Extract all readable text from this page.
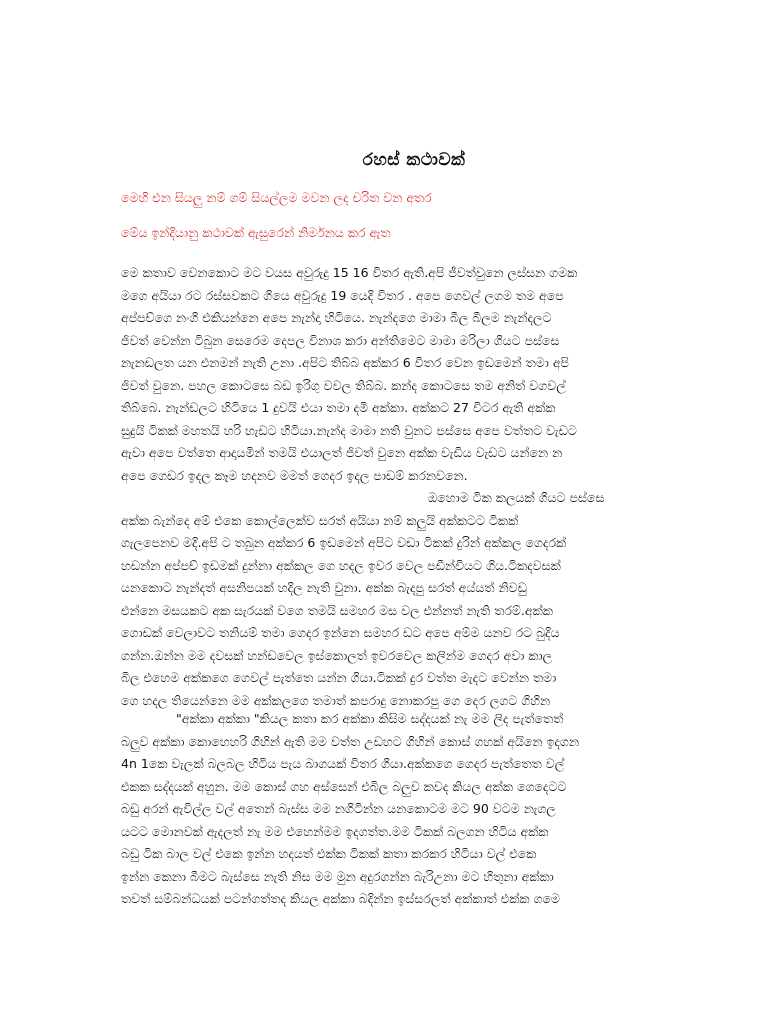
රහස් කථාවක්
මෙහි එන සියලු නම් ගම් සියල්ලම මවන ලද චරිත වන අතර
මේය ඉන්දියානු කථාවක් ඇසුරෙන් නිර්මනය කර ඇත
මෙ කතාව වෙනකොට මට වයස අවුරුදු 15 16 විතර ඇති.අපි ජීවත්වුනෙ ලස්සන ගමක
මගෙ අයියා රට රස්සවකට ගියෙ අවුරුදු 19 යෙදි විතර . අපෙ ගෙවල් ලගම තම අපෙ
අප්පච්ගෙ නංගි එකියන්නෙ අපෙ නැන්දා හිටියෙ. නැන්දගෙ මාමා බීල බීලම නැන්දලට
ජිවත් වෙන්න ටිබුන සෙරෙම දෙපල විනාශ කරා අන්තිමෙට මාමා මරිලා ගියට පස්සෙ
නැනඩලත යන එනමන් නැති උනා .අපිට තිබ්බ අක්කර 6 විතර වෙන ඉඩමෙන් තමා අපි
ජිවත් වුනෙ. පහල කොටසෙ බඩ ඉරිගු වවල තිබ්බ. කන්ද කොටසෙ තම අනිත් වගවල්
තිබ්බෙ. නැන්ඩලට හිටියෙ 1 දුවයි එයා තමා දමි අක්කා. අක්කට 27 විටර ඇති අක්ක
සුදුයි ටිකක් මහතයි හරි හැඩට හිටියා.නැන්ද මාමා නති වුනට පස්සෙ අපෙ වත්තට වැඩට
ඇවා අපෙ වත්තෙ ආදායමින් තමයි එයාලත් ජිවත් වුනෙ අක්ක වැඩිය වැඩට යන්නෙ න
අපෙ ගෙඩර ඉදල කෑම හදනව මමත් ගෙදර ඉදල පාඩම් කරනවනෙ.
ඔහොම ටික කලයක් ගියට පස්සෙ
අක්ක බැන්දෙ අම් එකෙ කොල්ලෙක්ව සරත් අයියා නම් කලුයි අක්කටට ටිකක්
ගැලපෙනව මදි.අපි ට තබුන අක්කර 6 ඉඩමෙන් අපිට වඩා ටිකක් දුරින් අක්කල ගෙදරක්
හඩන්න අප්පච් ඉඩමක් දුන්නා අක්කල ගෙ හදල ඉවර වෙල පඩීන්වියට ගිය.ටිකදවසක්
යනකොට නැන්දත් අසනිපයක් හදිල නැති වුනා. අක්ක බැදපු සරත් අය්යත් නිවඩු
එන්නෙ මසයකට අක සැරයක් වගෙ තමයි සමහර මස වල එන්නත් නැති තරම්.අක්ක
ගොඩක් වෙලාවට තනියම් තමා ගෙදර ඉන්නෙ සමහර ඩට අපෙ අම්ම යනව රට බුදිය
ගන්න.ඔන්න මම දවසක් හන්ඩවෙල ඉස්කොලත් ඉවරවෙල කලින්ම ගෙදර අවා කාල
බිල එහෙම අක්කගෙ ගෙවල් පැත්තෙ යන්න ගියා.ටිකක් දුර වත්ත මැදට වෙන්න තමා
ගෙ හදල තියෙන්නෙ මම අක්කලගෙ තමාත් කපරාදු නොකරපු ගෙ දෙර ලගට ගිහින
"අක්කා අක්කා "කියල කතා කර අක්කා කිසිම සද්දයක් නැ මම ලිද පැත්තෙත්
බලුව අක්කා කොහෙහරි ගිහින් ඇති මම වත්ත උඩහට ගිහින් කොස් ගහක් අයිනෙ ඉදගන
4n 1කෙ වැලක් බලබල හිටිය පැය බාගයක් විතර ගියා.අක්කගෙ ගෙදර පැත්තෙත වල්
එකක සද්දයක් අහුන. මම කොස් ගහ අස්සෙන් එබිල බලුව කවද කියල අක්ක ගෙදෙටට
බඩු අරන් ඇවිල්ල වල් අතෙන් බැස්ස මම නගිටින්න යනකොටම මට 90 වටම නැගල
යටට මොනවක් ඇදලත් නැ මම එහෙන්මම ඉදගත්ත.මම ටිකක් බලගන හිටිය අක්ක
බඩු ටික බාල වල් එකෙ ඉන්න හදයත් එක්ක ටිකක් කතා කරකර හිටියා වල් එකෙ
ඉන්න කෙනා බීමට බැස්සෙ නැති නිස මම මුන අදුරගන්න බැරිඋනා මට හිතුනා අක්කා
තවත් සම්බන්ධයක් පටන්ගත්තද කියල අක්කා බදින්න ඉස්සරලත් අක්කාත් එක්ක ගමෙ
